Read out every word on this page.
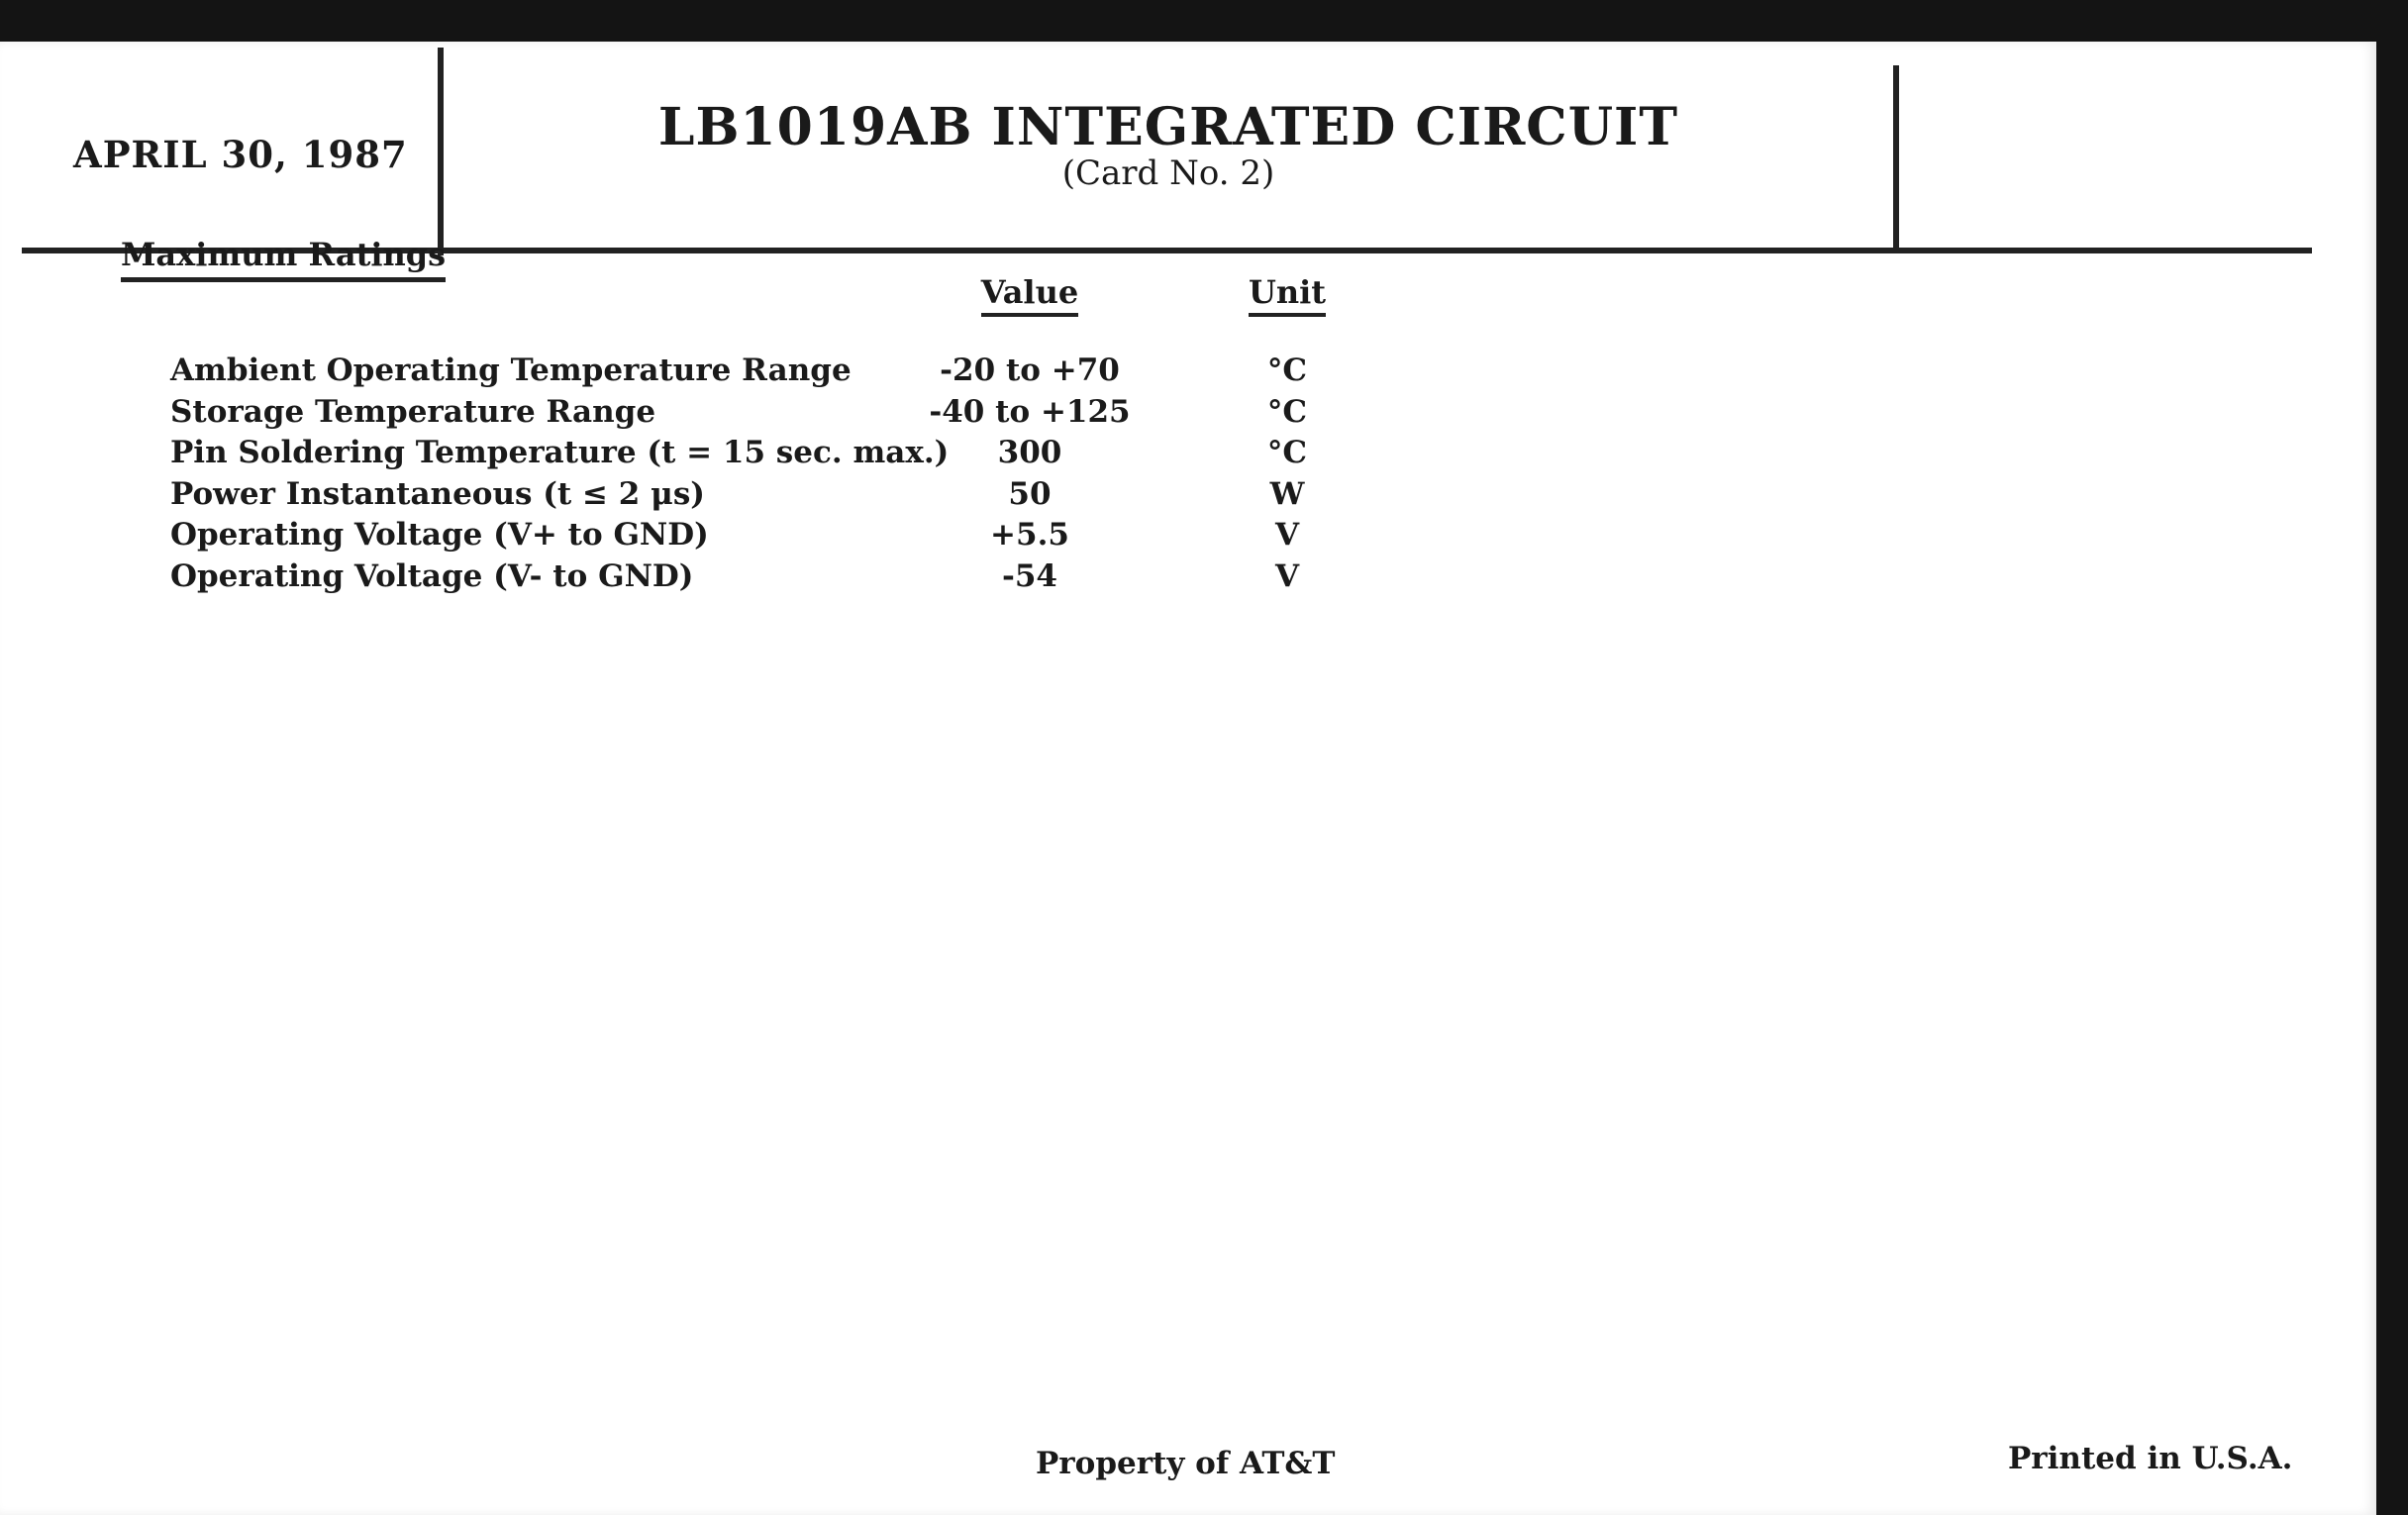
APRIL 30, 1987	LB1019AB INTEGRATED CIRCUIT
(Card No. 2)
Maximum Ratings
Value	Unit
Ambient Operating Temperature Range	-20 to +70	°C
Storage Temperature Range	-40 to +125	°C
Pin Soldering Temperature (t = 15 sec. max.)	300	°C
Power Instantaneous (t ≤ 2 μs)	50	W
Operating Voltage (V+ to GND)	+5.5	V
Operating Voltage (V- to GND)	-54	V
Property of AT&T	Printed in U.S.A.
